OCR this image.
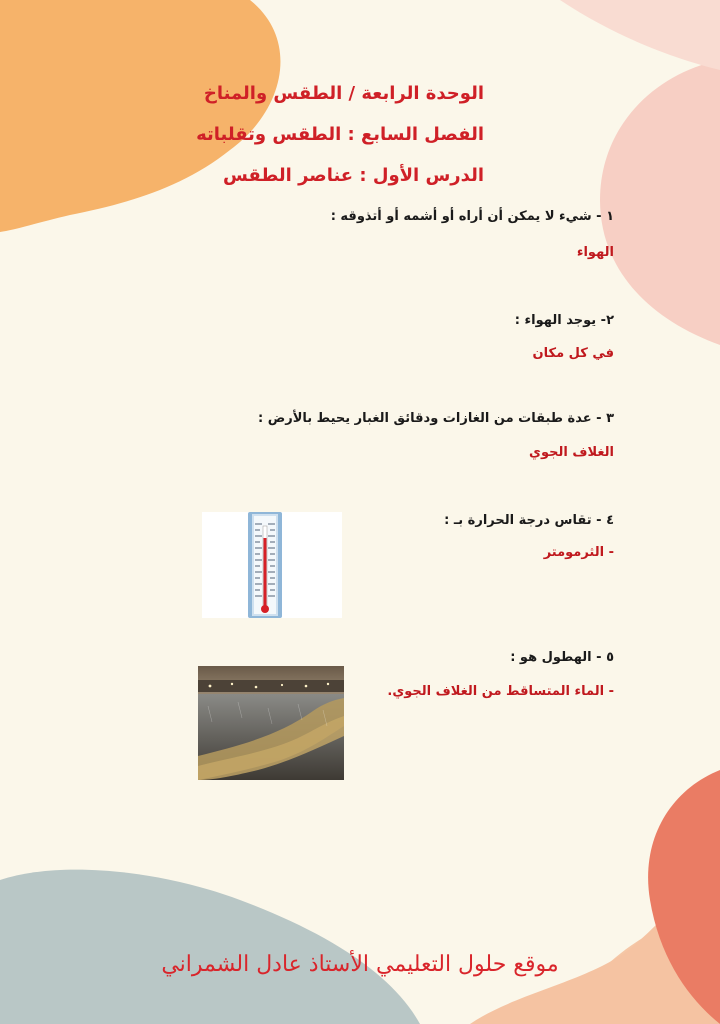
الوحدة الرابعة / الطقس والمناخ
الفصل السابع : الطقس وتقلباته
الدرس الأول : عناصر الطقس
١ - شيء لا يمكن أن أراه أو أشمه أو أتذوقه :
الهواء
٢- يوجد الهواء :
في كل مكان
٣ - عدة طبقات من الغازات ودقائق الغبار يحيط بالأرض :
الغلاف الجوي
٤ - تقاس درجة الحرارة بـ :
- الثرمومتر
٥ - الهطول هو :
- الماء المتساقط من الغلاف الجوي.
موقع حلول التعليمي الأستاذ عادل الشمراني
